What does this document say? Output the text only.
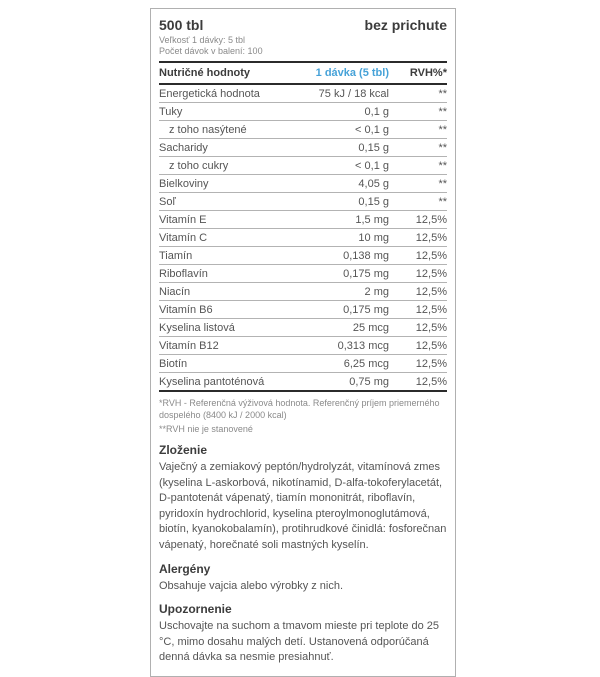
500 tbl	bez prichute
Veľkosť 1 dávky: 5 tbl
Počet dávok v balení: 100
Nutričné hodnoty	1 dávka (5 tbl)	RVH%*
Energetická hodnota	75 kJ / 18 kcal	**
Tuky	0,1 g	**
z toho nasýtené	< 0,1 g	**
Sacharidy	0,15 g	**
z toho cukry	< 0,1 g	**
Bielkoviny	4,05 g	**
Soľ	0,15 g	**
Vitamín E	1,5 mg	12,5%
Vitamín C	10 mg	12,5%
Tiamín	0,138 mg	12,5%
Riboflavín	0,175 mg	12,5%
Niacín	2 mg	12,5%
Vitamín B6	0,175 mg	12,5%
Kyselina listová	25 mcg	12,5%
Vitamín B12	0,313 mcg	12,5%
Biotín	6,25 mcg	12,5%
Kyselina pantoténová	0,75 mg	12,5%
*RVH - Referenčná výživová hodnota. Referenčný príjem priemerného dospelého (8400 kJ / 2000 kcal)
**RVH nie je stanovené
Zloženie

Vaječný a zemiakový peptón/hydrolyzát, vitamínová zmes (kyselina L-askorbová, nikotínamid, D-alfa-tokoferylacetát, D-pantotenát vápenatý, tiamín mononitrát, riboflavín, pyridoxín hydrochlorid, kyselina pteroylmonoglutámová, biotín, kyanokobalamín), protihrudkové činidlá: fosforečnan vápenatý, horečnaté soli mastných kyselín.

Alergény

Obsahuje vajcia alebo výrobky z nich.

Upozornenie

Uschovajte na suchom a tmavom mieste pri teplote do 25 °C, mimo dosahu malých detí. Ustanovená odporúčaná denná dávka sa nesmie presiahnuť.
